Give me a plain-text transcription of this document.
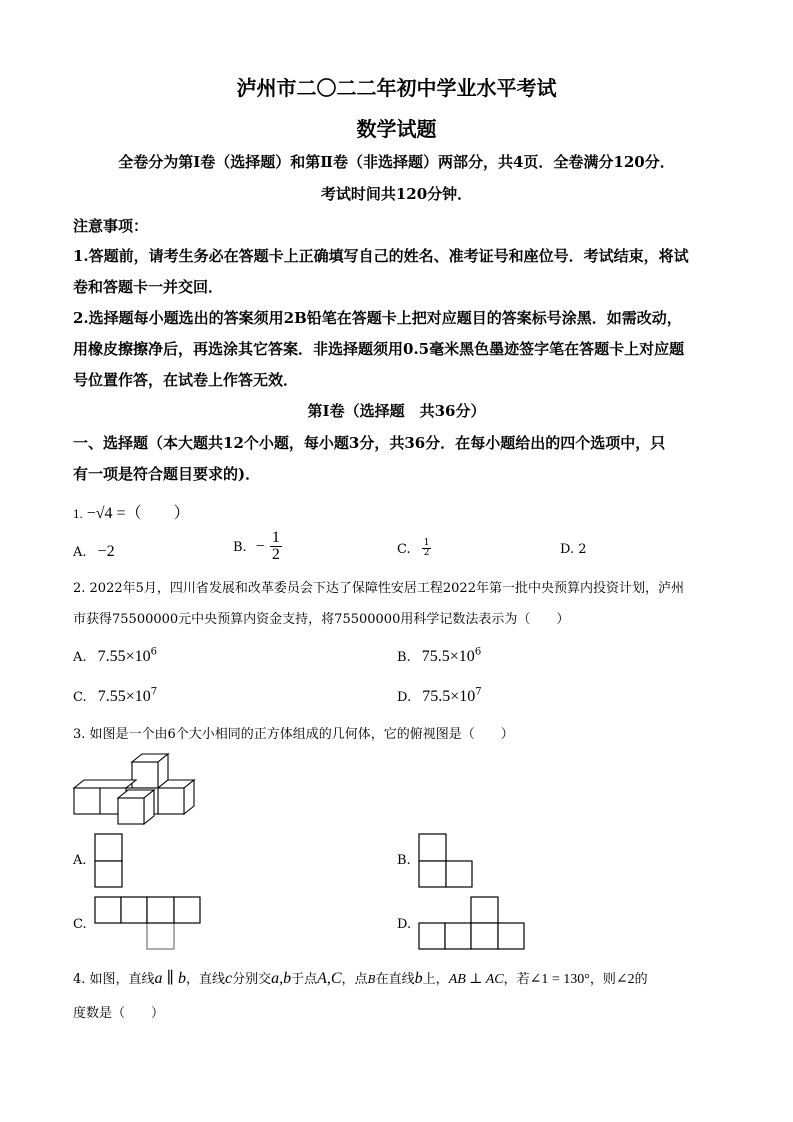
泸州市二〇二二年初中学业水平考试
数学试题
全卷分为第Ⅰ卷（选择题）和第Ⅱ卷（非选择题）两部分，共4页．全卷满分120分．
考试时间共120分钟．
注意事项：
1.答题前，请考生务必在答题卡上正确填写自己的姓名、准考证号和座位号．考试结束，将试
卷和答题卡一并交回．
2.选择题每小题选出的答案须用2B铅笔在答题卡上把对应题目的答案标号涂黑．如需改动，
用橡皮擦擦净后，再选涂其它答案．非选择题须用0.5毫米黑色墨迹签字笔在答题卡上对应题
号位置作答，在试卷上作答无效．
第Ⅰ卷（选择题　共36分）
一、选择题（本大题共12个小题，每小题3分，共36分．在每小题给出的四个选项中，只
有一项是符合题目要求的)．
1. −√4 =（　　）
A. −2	B. − $\frac{1}{2}$	C. $\frac{1}{2}$	D. 2
2. 2022年5月，四川省发展和改革委员会下达了保障性安居工程2022年第一批中央预算内投资计划，泸州
市获得75500000元中央预算内资金支持，将75500000用科学记数法表示为（　　）
A. $7.55\times 10^6$	B. $75.5\times 10^6$
C. $7.55\times 10^7$	D. $75.5\times 10^7$
3. 如图是一个由6个大小相同的正方体组成的几何体，它的俯视图是（　　）
A.	B.
C.	D.
4. 如图，直线a ∥ b，直线c分别交a,b于点A,C，点B在直线b上，AB ⊥ AC，若∠1 = 130°，则∠2的
度数是（　　）
